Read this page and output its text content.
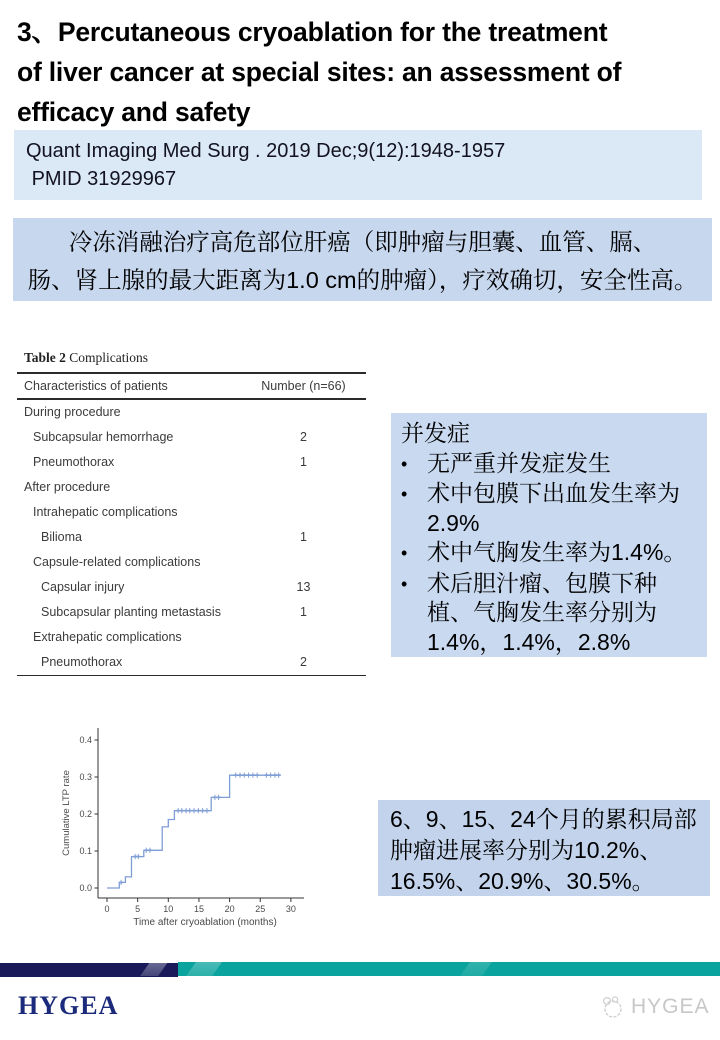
3、Percutaneous cryoablation for the treatment
of liver cancer at special sites: an assessment of
efficacy and safety
Quant Imaging Med Surg . 2019 Dec;9(12):1948-1957
PMID 31929967
冷冻消融治疗高危部位肝癌（即肿瘤与胆囊、血管、膈、
肠、肾上腺的最大距离为1.0 cm的肿瘤），疗效确切，安全性高。
Table 2 Complications
Characteristics of patients	Number (n=66)
During procedure
Subcapsular hemorrhage	2
Pneumothorax	1
After procedure
Intrahepatic complications
Bilioma	1
Capsule-related complications
Capsular injury	13
Subcapsular planting metastasis	1
Extrahepatic complications
Pneumothorax	2
并发症
• 无严重并发症发生
• 术中包膜下出血发生率为2.9%
• 术中气胸发生率为1.4%。
• 术后胆汁瘤、包膜下种植、气胸发生率分别为1.4%，1.4%，2.8%
0.0
0.1
0.2
0.3
0.4
0	5	10 15 20 25 30
Cumulative LTP rate
Time after cryoablation (months)
6、9、15、24个月的累积局部肿瘤进展率分别为10.2%、16.5%、20.9%、30.5%。
HYGEA	HYGEA
